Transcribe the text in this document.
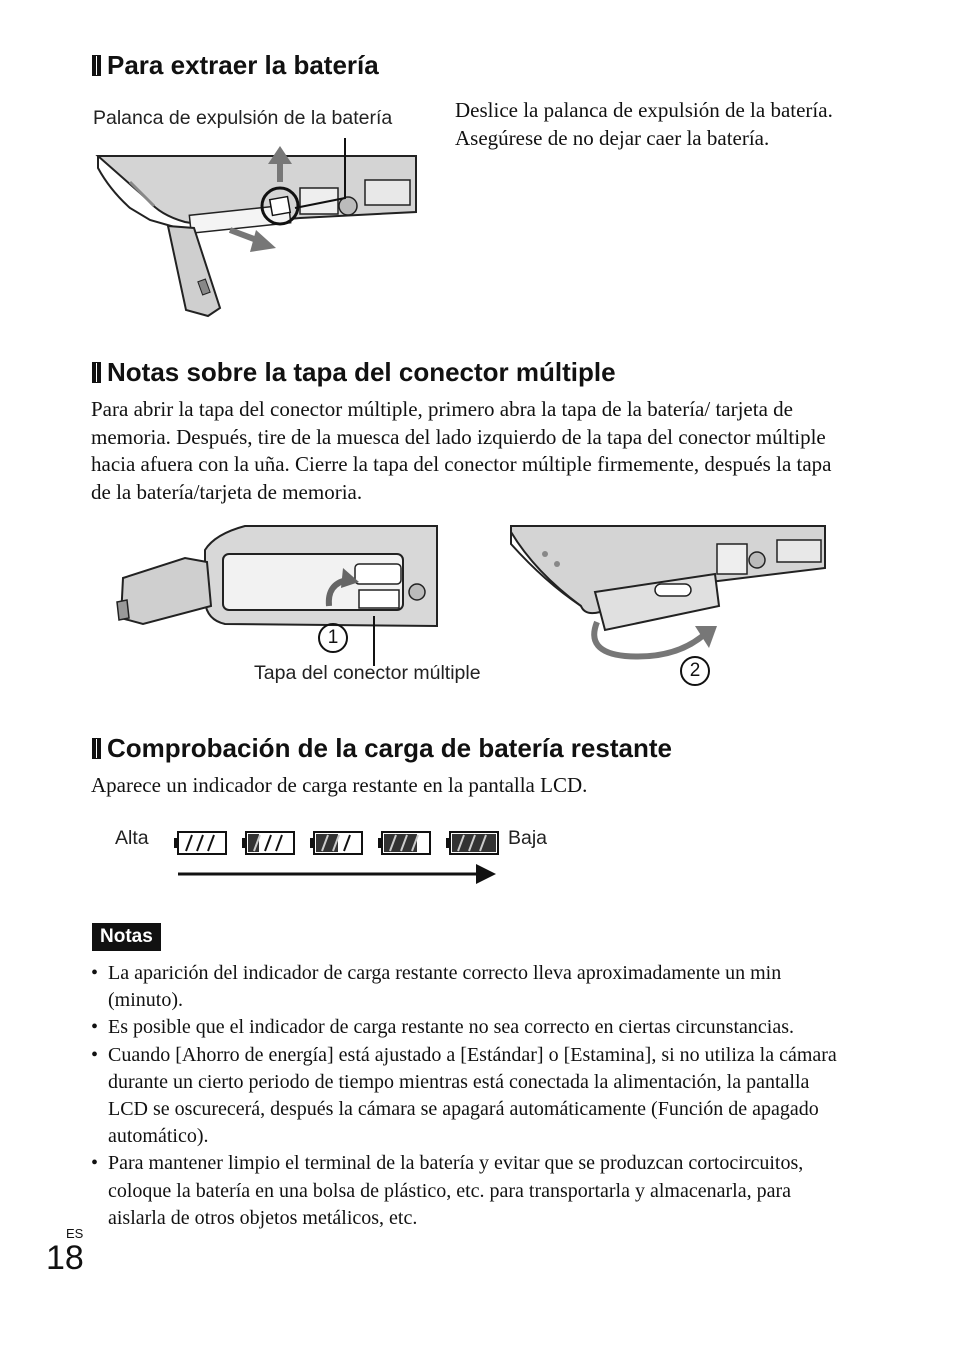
Para extraer la batería
Palanca de expulsión de la batería	Deslice la palanca de expulsión de la batería. Asegúrese de no dejar caer la batería.
Notas sobre la tapa del conector múltiple
Para abrir la tapa del conector múltiple, primero abra la tapa de la batería/ tarjeta de memoria. Después, tire de la muesca del lado izquierdo de la tapa del conector múltiple hacia afuera con la uña. Cierre la tapa del conector múltiple firmemente, después la tapa de la batería/tarjeta de memoria.
1
Tapa del conector múltiple	2
Comprobación de la carga de batería restante
Aparece un indicador de carga restante en la pantalla LCD.
Alta	Baja
Notas
• La aparición del indicador de carga restante correcto lleva aproximadamente un min (minuto).
• Es posible que el indicador de carga restante no sea correcto en ciertas circunstancias.
• Cuando [Ahorro de energía] está ajustado a [Estándar] o [Estamina], si no utiliza la cámara durante un cierto periodo de tiempo mientras está conectada la alimentación, la pantalla LCD se oscurecerá, después la cámara se apagará automáticamente (Función de apagado automático).
• Para mantener limpio el terminal de la batería y evitar que se produzcan cortocircuitos, coloque la batería en una bolsa de plástico, etc. para transportarla y almacenarla, para aislarla de otros objetos metálicos, etc.
ES
18
